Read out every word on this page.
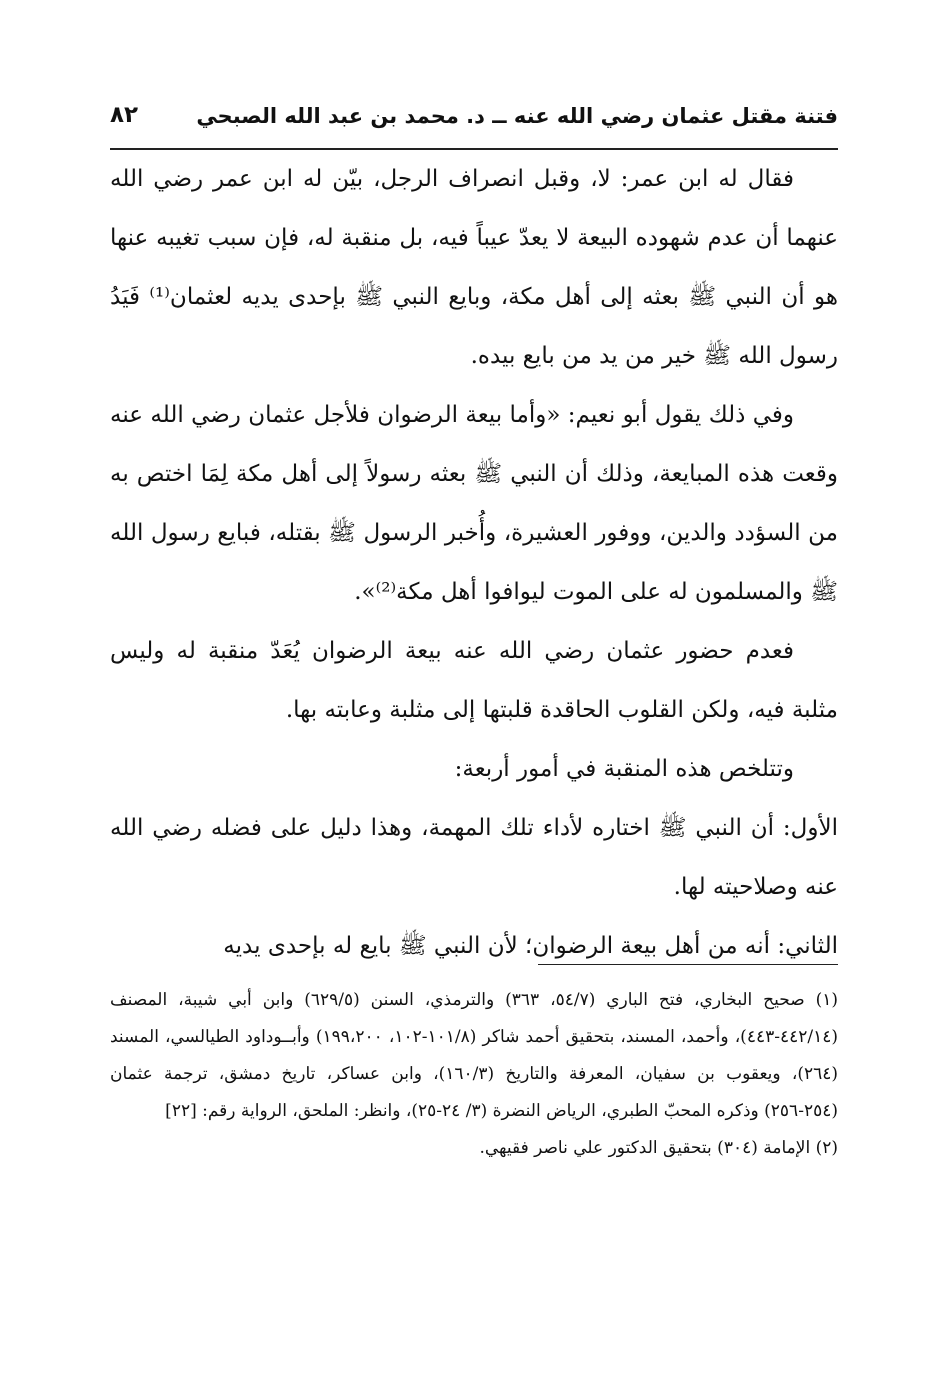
فتنة مقتل عثمان رضي الله عنه ــ د. محمد بن عبد الله الصبحي
٨٢

فقال له ابن عمر: لا، وقبل انصراف الرجل، بيّن له ابن عمر رضي الله عنهما أن عدم شهوده البيعة لا يعدّ عيباً فيه، بل منقبة له، فإن سبب تغيبه عنها هو أن النبي ﷺ بعثه إلى أهل مكة، وبايع النبي ﷺ بإحدى يديه لعثمان⁽¹⁾ فَيَدُ رسول الله ﷺ خير من يد من بايع بيده.

وفي ذلك يقول أبو نعيم: «وأما بيعة الرضوان فلأجل عثمان رضي الله عنه وقعت هذه المبايعة، وذلك أن النبي ﷺ بعثه رسولاً إلى أهل مكة لِمَا اختص به من السؤدد والدين، ووفور العشيرة، وأُخبر الرسول ﷺ بقتله، فبايع رسول الله ﷺ والمسلمون له على الموت ليوافوا أهل مكة⁽²⁾».

فعدم حضور عثمان رضي الله عنه بيعة الرضوان يُعَدّ منقبة له وليس مثلبة فيه، ولكن القلوب الحاقدة قلبتها إلى مثلبة وعابته بها.

وتتلخص هذه المنقبة في أمور أربعة:

الأول: أن النبي ﷺ اختاره لأداء تلك المهمة، وهذا دليل على فضله رضي الله عنه وصلاحيته لها.

الثاني: أنه من أهل بيعة الرضوان؛ لأن النبي ﷺ بايع له بإحدى يديه

(١) صحيح البخاري، فتح الباري (٥٤/٧، ٣٦٣) والترمذي، السنن (٦٢٩/٥) وابن أبي شيبة، المصنف (٤٤٢/١٤-٤٤٣)، وأحمد، المسند، بتحقيق أحمد شاكر (١٠١/٨-١٠٢، ١٩٩،٢٠٠) وأبــوداود الطيالسي، المسند (٢٦٤)، ويعقوب بن سفيان، المعرفة والتاريخ (١٦٠/٣)، وابن عساكر، تاريخ دمشق، ترجمة عثمان (٢٥٤-٢٥٦) وذكره المحبّ الطبري، الرياض النضرة (٣/ ٢٤-٢٥)، وانظر: الملحق، الرواية رقم: [٢٢]

(٢) الإمامة (٣٠٤) بتحقيق الدكتور علي ناصر فقيهي.
